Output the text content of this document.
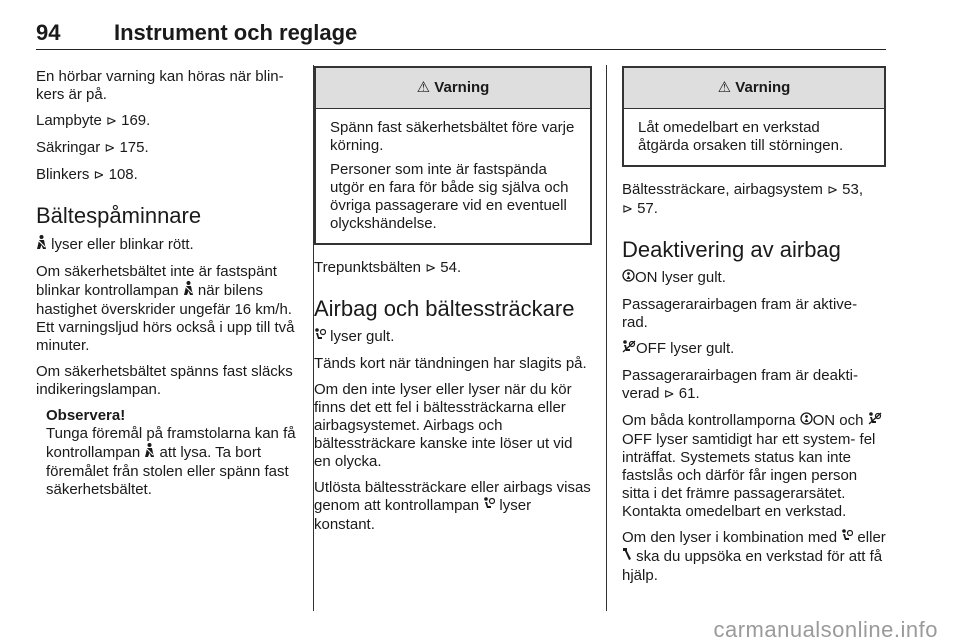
94 Instrument och reglage

En hörbar varning kan höras när blin- kers är på.

Lampbyte ⊳ 169.

Säkringar ⊳ 175.

Blinkers ⊳ 108.

Bältespåminnare

lyser eller blinkar rött.

Om säkerhetsbältet inte är fastspänt blinkar kontrollampan  när bilens hastighet överskrider ungefär 16 km/h. Ett varningsljud hörs också i upp till två minuter.

Om säkerhetsbältet spänns fast släcks indikeringslampan.

Observera!
Tunga föremål på framstolarna kan få kontrollampan  att lysa. Ta bort föremålet från stolen eller spänn fast säkerhetsbältet.
⚠ Varning

Spänn fast säkerhetsbältet före varje körning.

Personer som inte är fastspända utgör en fara för både sig själva och övriga passagerare vid en eventuell olyckshändelse.

Trepunktsbälten ⊳ 54.

Airbag och bältessträckare

lyser gult.

Tänds kort när tändningen har slagits på.

Om den inte lyser eller lyser när du kör finns det ett fel i bältessträckarna eller airbagsystemet. Airbags och bältessträckare kanske inte löser ut vid en olycka.

Utlösta bältessträckare eller airbags visas genom att kontrollampan  lyser konstant.

⚠ Varning

Låt omedelbart en verkstad åtgärda orsaken till störningen.

Bältessträckare, airbagsystem ⊳ 53,
⊳ 57.

Deaktivering av airbag

ON lyser gult.

Passagerarairbagen fram är aktive- rad.

OFF lyser gult.

Passagerarairbagen fram är deakti- verad ⊳ 61.

Om båda kontrollamporna ON och OFF lyser samtidigt har ett system- fel inträffat. Systemets status kan inte fastslås och därför får ingen person sitta i det främre passagerarsätet. Kontakta omedelbart en verkstad.

Om den lyser i kombination med  eller  ska du uppsöka en verkstad för att få hjälp.

carmanualsonline.info
